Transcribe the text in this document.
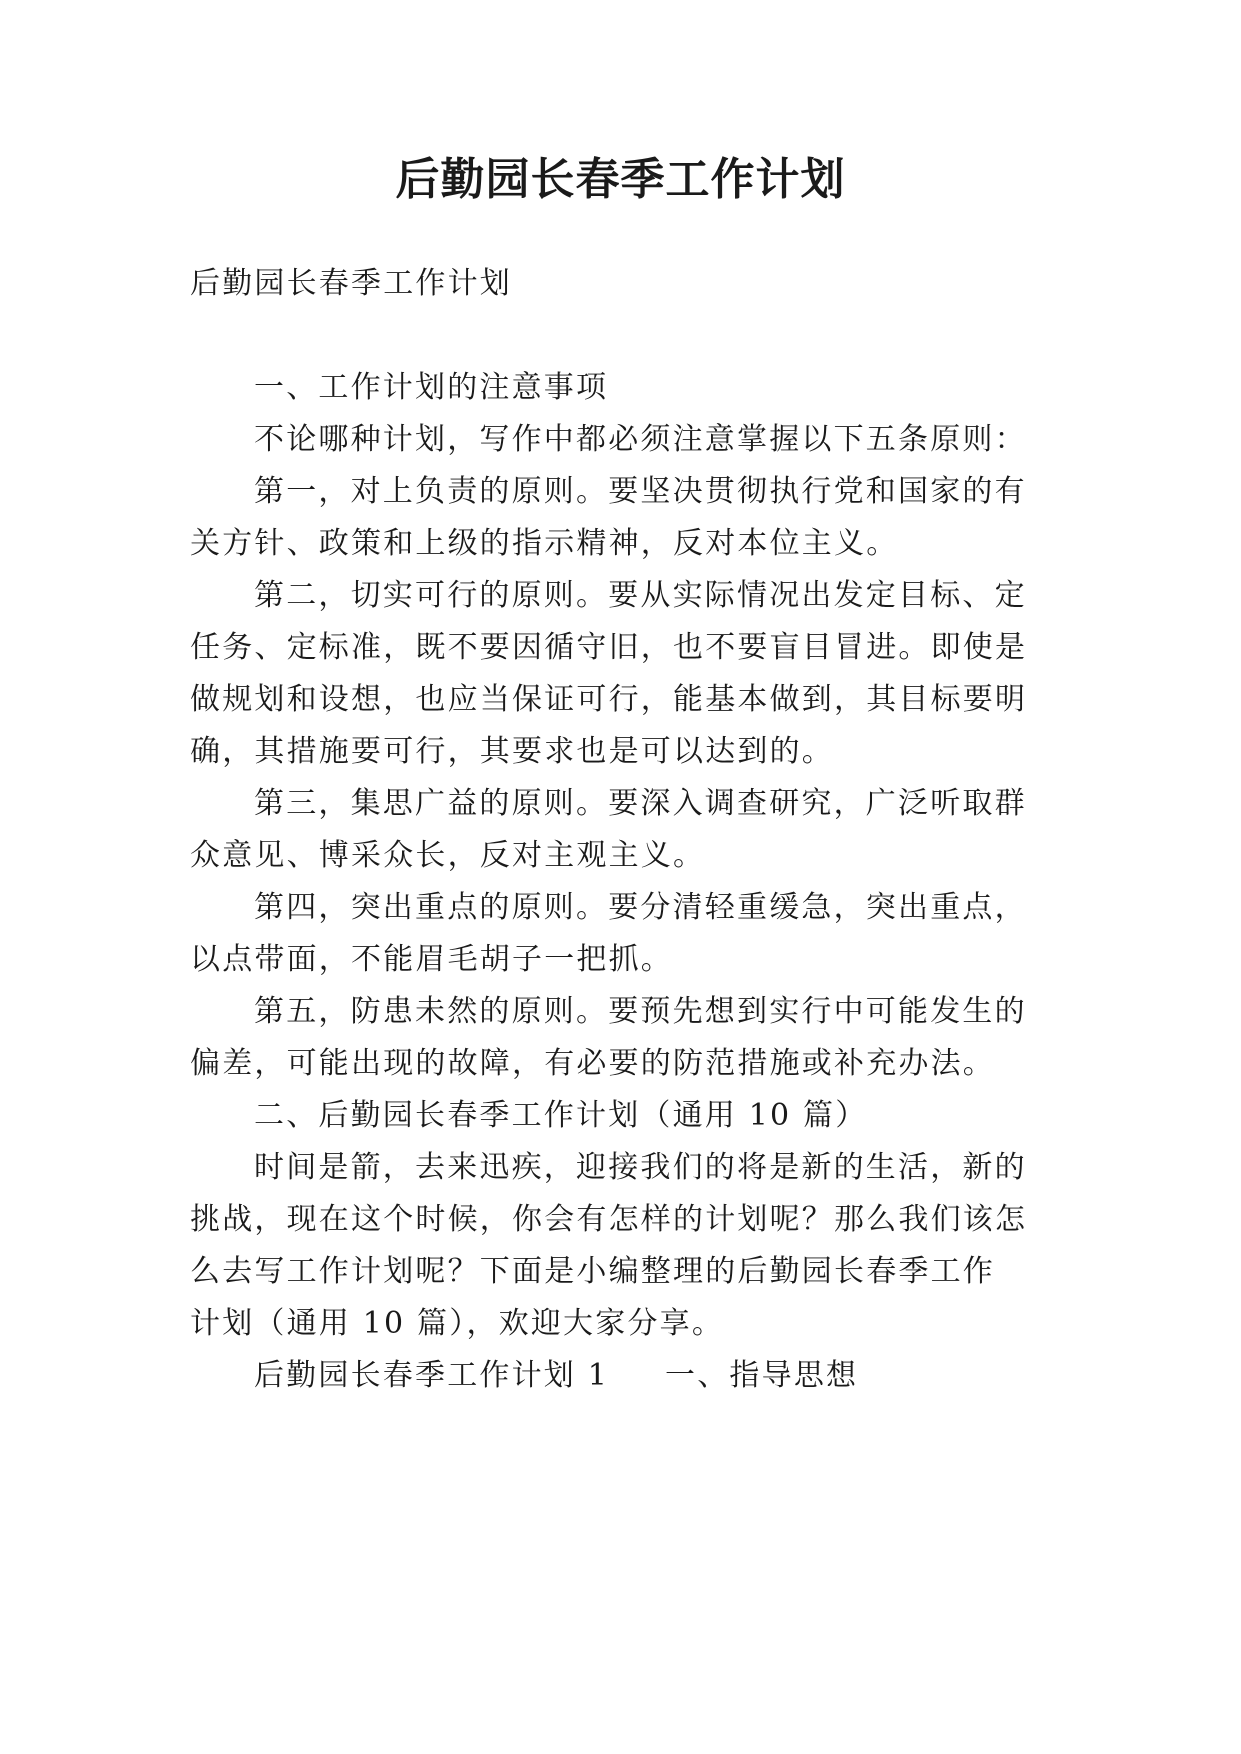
后勤园长春季工作计划

后勤园长春季工作计划

一、工作计划的注意事项

不论哪种计划，写作中都必须注意掌握以下五条原则：

第一，对上负责的原则。要坚决贯彻执行党和国家的有

关方针、政策和上级的指示精神，反对本位主义。

第二，切实可行的原则。要从实际情况出发定目标、定

任务、定标准，既不要因循守旧，也不要盲目冒进。即使是

做规划和设想，也应当保证可行，能基本做到，其目标要明

确，其措施要可行，其要求也是可以达到的。

第三，集思广益的原则。要深入调查研究，广泛听取群

众意见、博采众长，反对主观主义。

第四，突出重点的原则。要分清轻重缓急，突出重点，

以点带面，不能眉毛胡子一把抓。

第五，防患未然的原则。要预先想到实行中可能发生的

偏差，可能出现的故障，有必要的防范措施或补充办法。

二、后勤园长春季工作计划（通用 10 篇）

时间是箭，去来迅疾，迎接我们的将是新的生活，新的

挑战，现在这个时候，你会有怎样的计划呢？那么我们该怎

么去写工作计划呢？下面是小编整理的后勤园长春季工作

计划（通用 10 篇），欢迎大家分享。

后勤园长春季工作计划 1 一、指导思想
